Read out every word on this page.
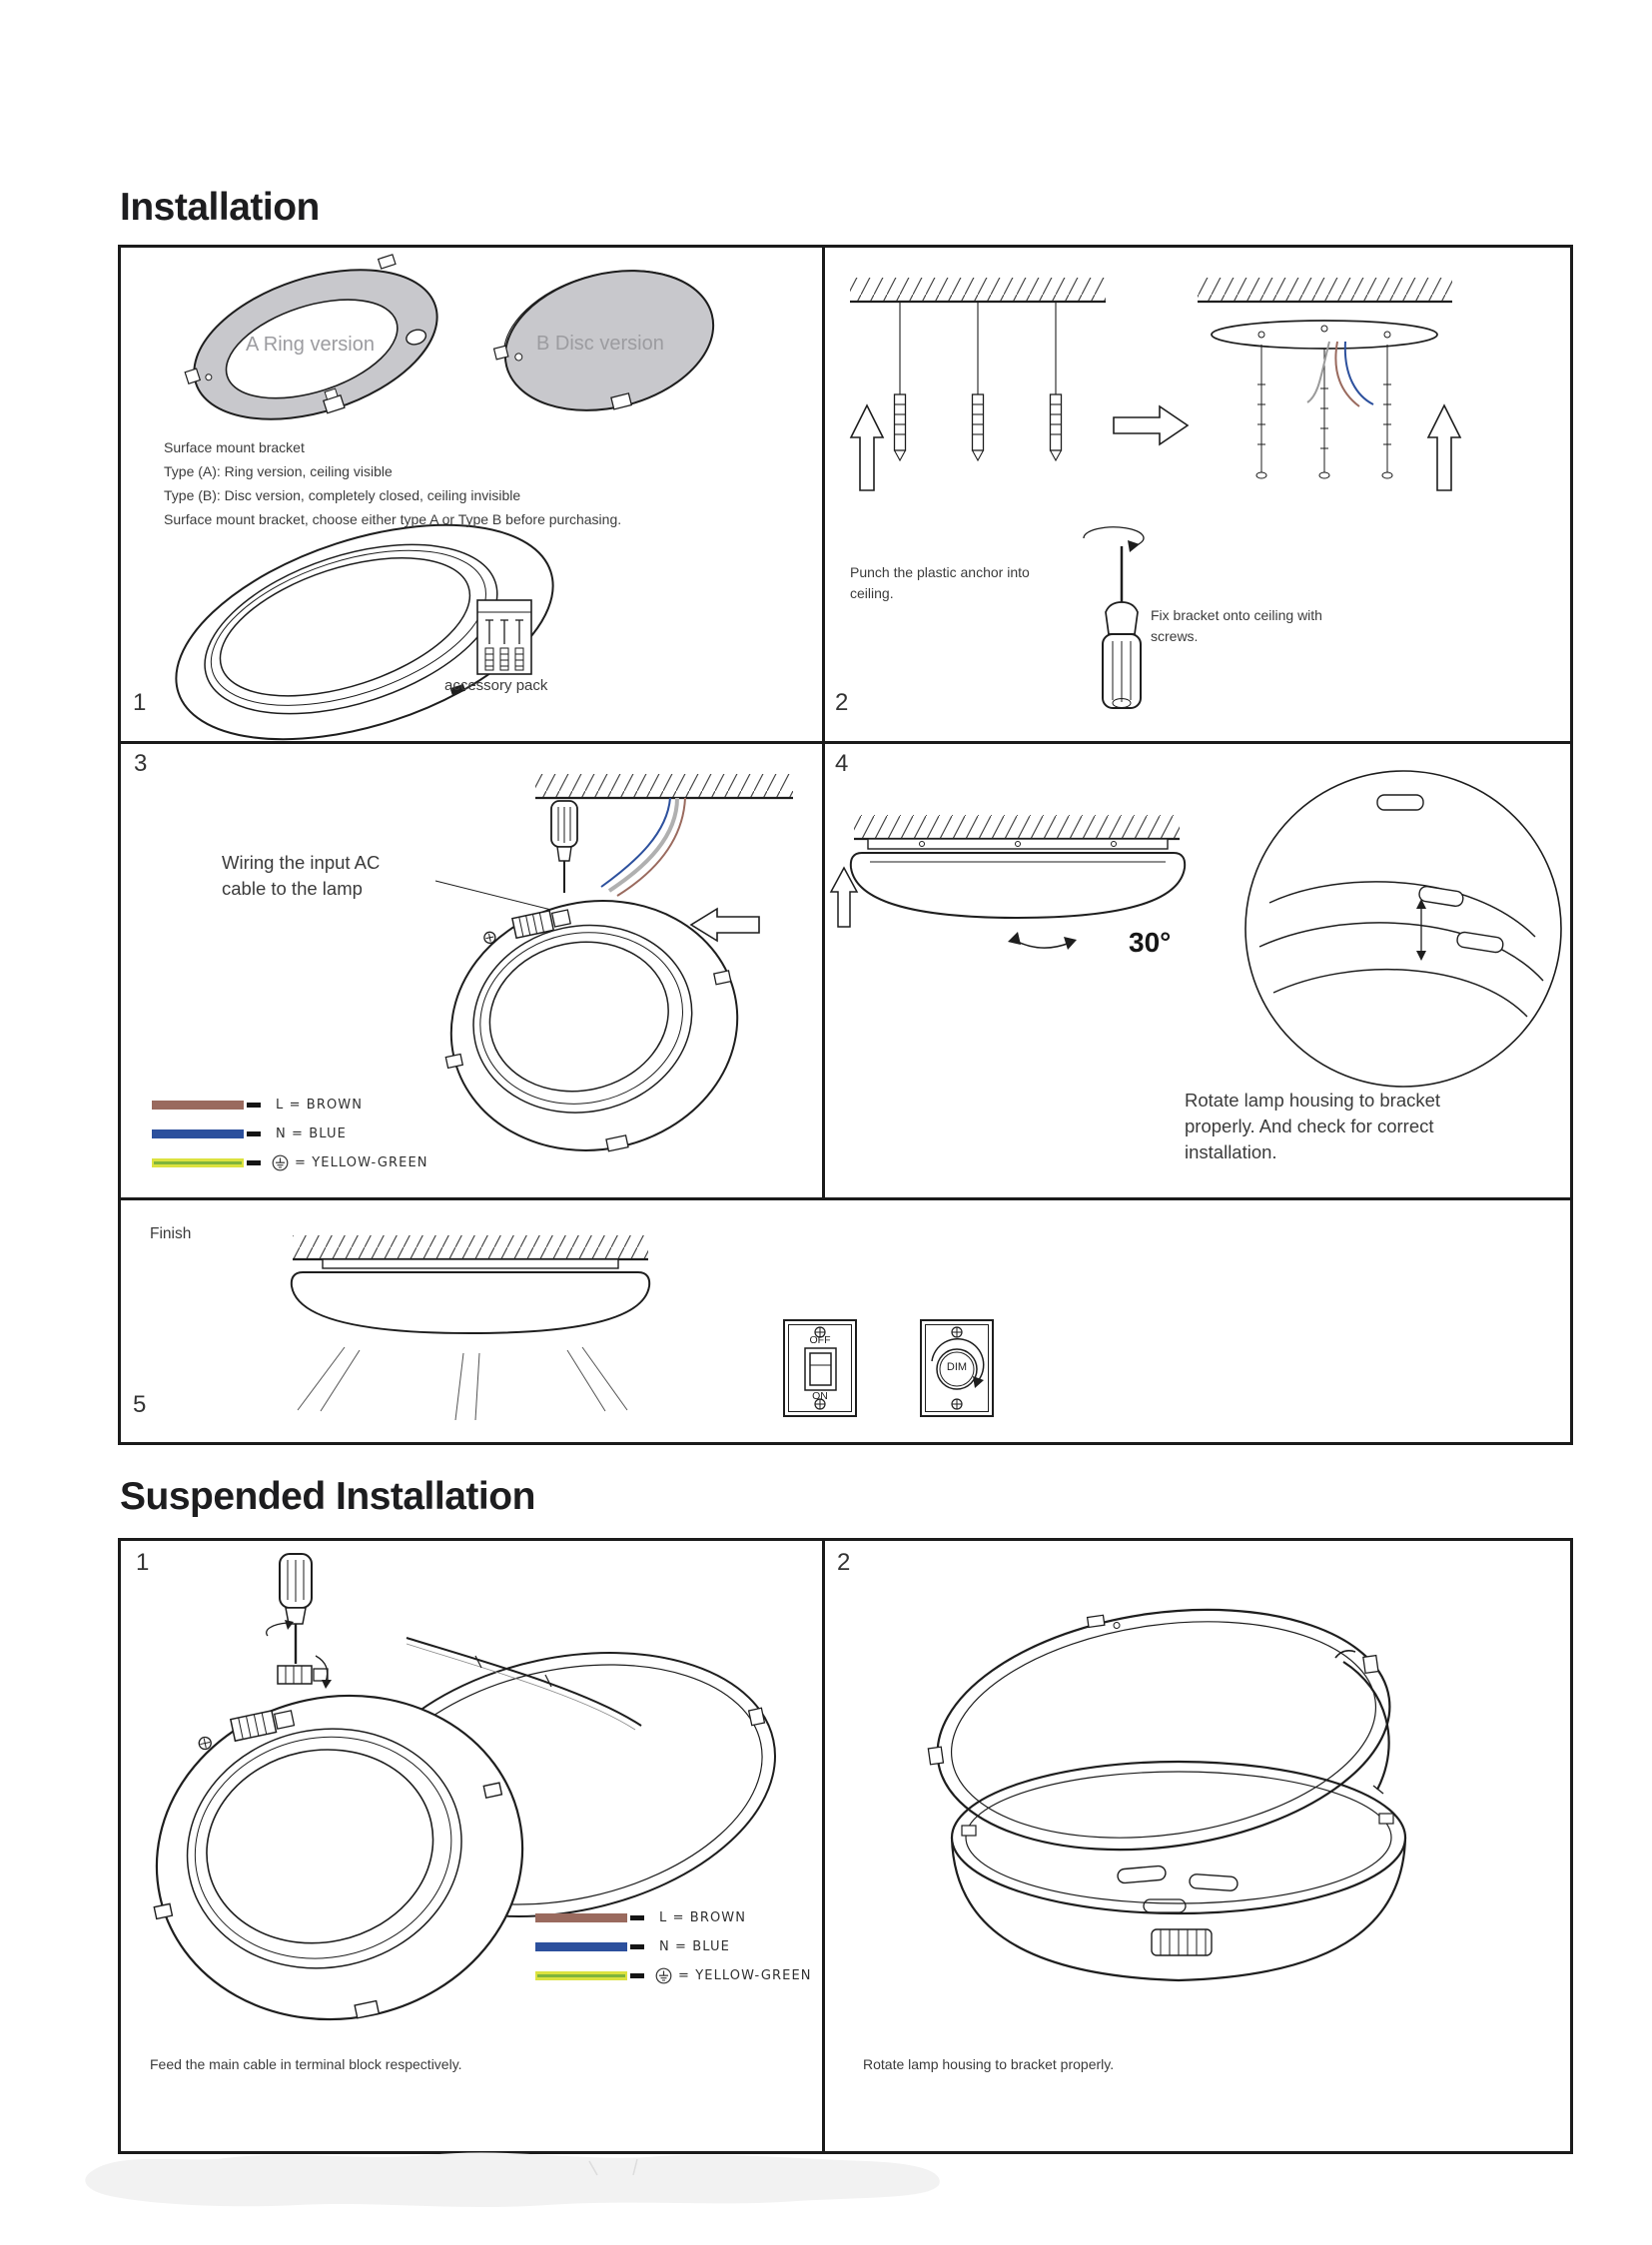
Installation
A Ring version	B Disc version
Surface mount bracket
Type (A): Ring version, ceiling visible
Type (B): Disc version, completely closed, ceiling invisible
Surface mount bracket, choose either type A or Type B before purchasing.
accessory pack
1
Punch the plastic anchor into ceiling.
Fix bracket onto ceiling with screws.
2
3
Wiring the input AC cable to the lamp
L = BROWN
N = BLUE
= YELLOW-GREEN
4
30°
Rotate lamp housing to bracket properly. And check for correct installation.
Finish
OFF
ON
DIM
5
Suspended Installation
1
L = BROWN
N = BLUE
= YELLOW-GREEN
Feed the main cable in terminal block respectively.
2
Rotate lamp housing to bracket properly.
